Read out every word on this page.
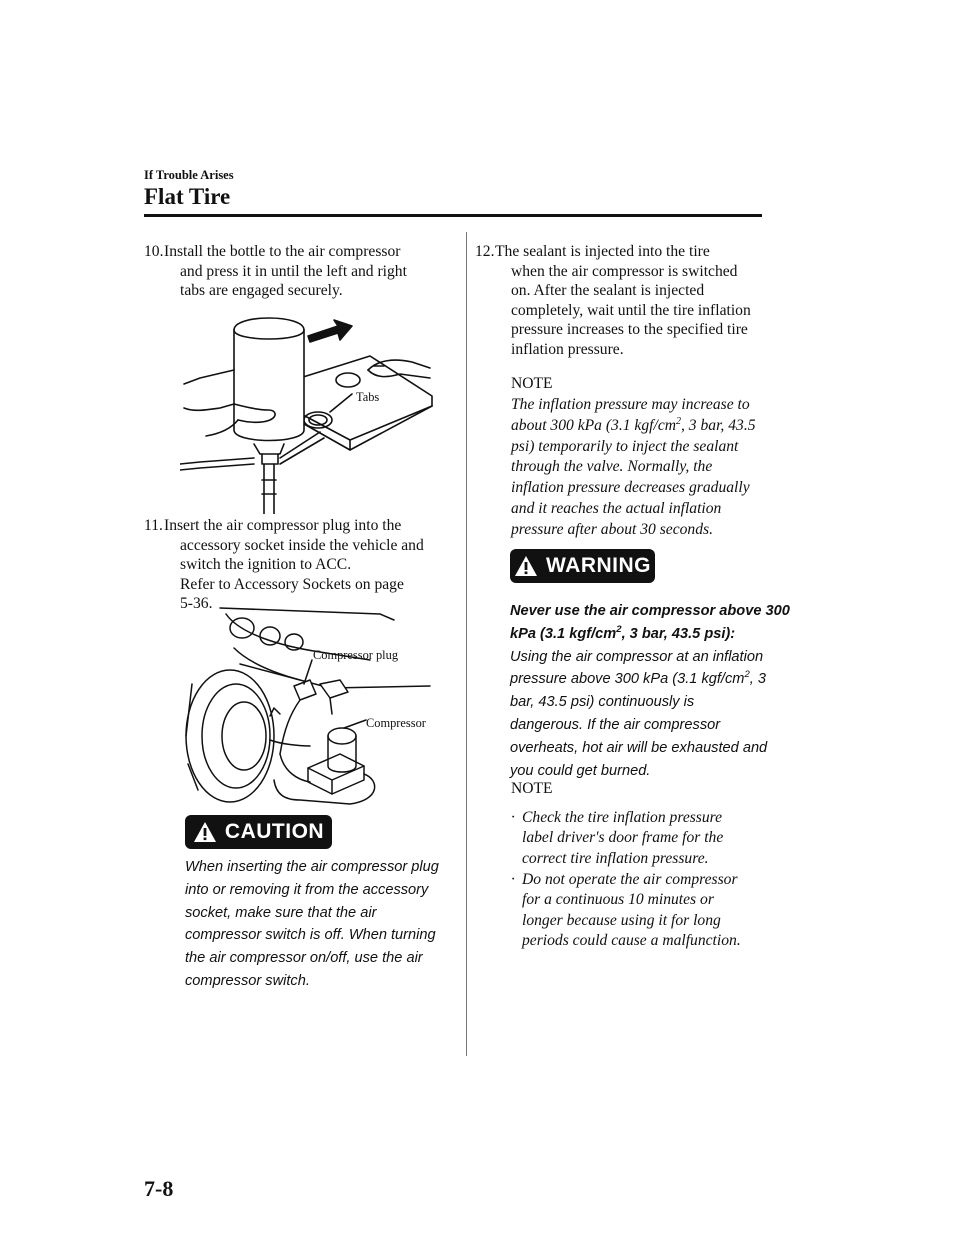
If Trouble Arises
Flat Tire
10. Install the bottle to the air compressor
and press it in until the left and right
tabs are engaged securely.
Tabs
11. Insert the air compressor plug into the
accessory socket inside the vehicle and
switch the ignition to ACC.
Refer to Accessory Sockets on page
5-36.
Compressor plug
Compressor
CAUTION
When inserting the air compressor plug
into or removing it from the accessory
socket, make sure that the air
compressor switch is off. When turning
the air compressor on/off, use the air
compressor switch.
12. The sealant is injected into the tire
when the air compressor is switched
on. After the sealant is injected
completely, wait until the tire inflation
pressure increases to the specified tire
inflation pressure.
NOTE
The inflation pressure may increase to
about 300 kPa (3.1 kgf/$cm^2$, 3 bar, 43.5
psi) temporarily to inject the sealant
through the valve. Normally, the
inflation pressure decreases gradually
and it reaches the actual inflation
pressure after about 30 seconds.
WARNING
Never use the air compressor above 300
kPa (3.1 kgf/$cm^2$, 3 bar, 43.5 psi):
Using the air compressor at an inflation
pressure above 300 kPa (3.1 kgf/$cm^2$, 3
bar, 43.5 psi) continuously is
dangerous. If the air compressor
overheats, hot air will be exhausted and
you could get burned.
NOTE
· Check the tire inflation pressure
label driver's door frame for the
correct tire inflation pressure.
· Do not operate the air compressor
for a continuous 10 minutes or
longer because using it for long
periods could cause a malfunction.
7-8
